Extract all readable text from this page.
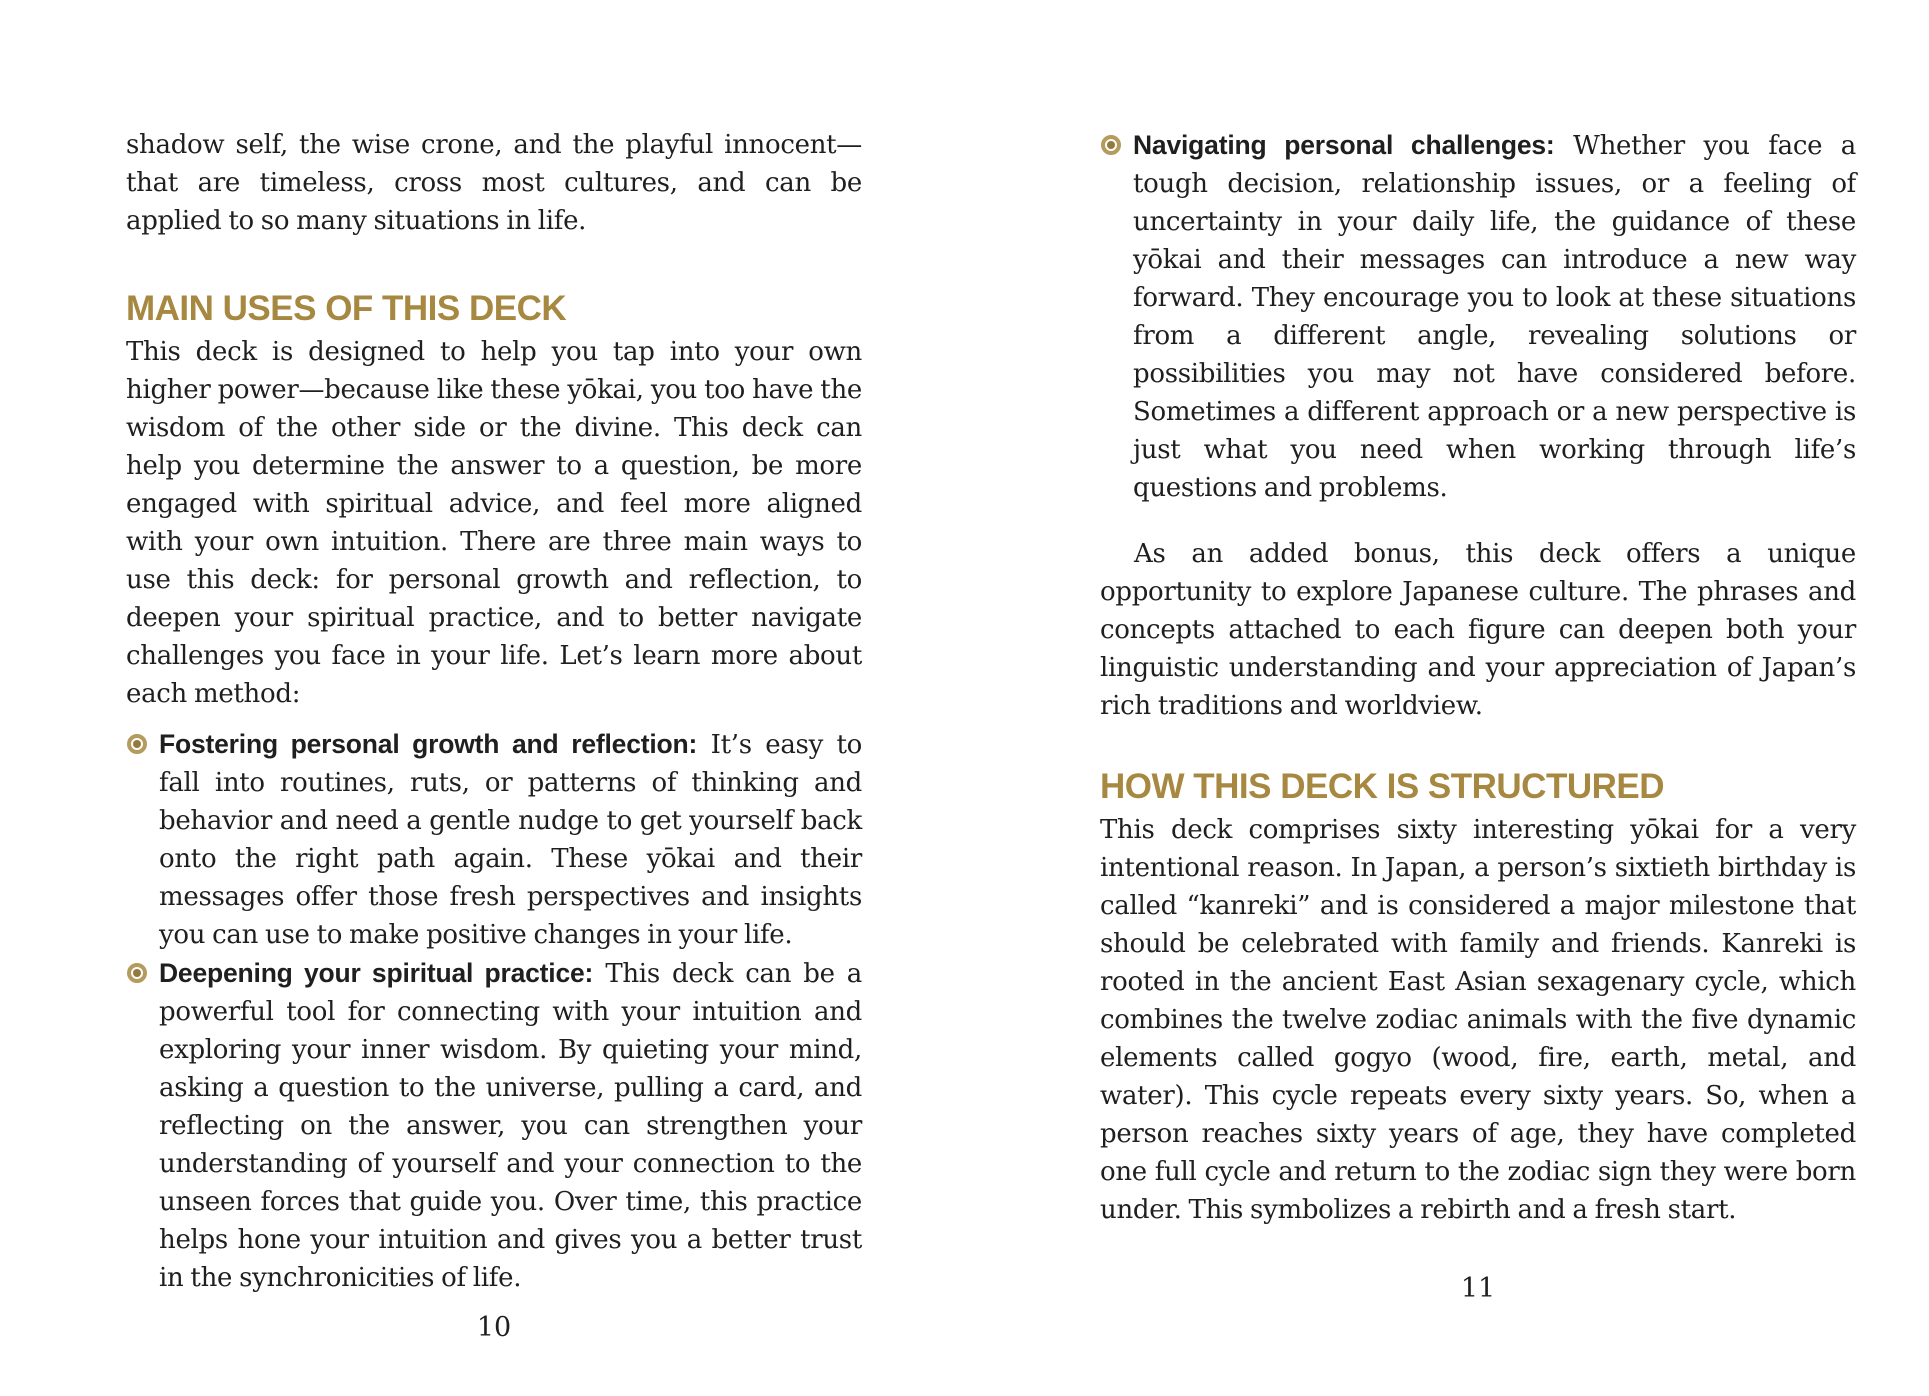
shadow self, the wise crone, and the playful innocent—that are timeless, cross most cultures, and can be applied to so many situations in life.

MAIN USES OF THIS DECK

This deck is designed to help you tap into your own higher power—because like these yōkai, you too have the wisdom of the other side or the divine. This deck can help you determine the answer to a question, be more engaged with spiritual advice, and feel more aligned with your own intuition. There are three main ways to use this deck: for personal growth and reflection, to deepen your spiritual practice, and to better navigate challenges you face in your life. Let’s learn more about each method:

Fostering personal growth and reflection: It’s easy to fall into routines, ruts, or patterns of thinking and behavior and need a gentle nudge to get yourself back onto the right path again. These yōkai and their messages offer those fresh perspectives and insights you can use to make positive changes in your life.
Deepening your spiritual practice: This deck can be a powerful tool for connecting with your intuition and exploring your inner wisdom. By quieting your mind, asking a question to the universe, pulling a card, and reflecting on the answer, you can strengthen your understanding of yourself and your connection to the unseen forces that guide you. Over time, this practice helps hone your intuition and gives you a better trust in the synchronicities of life.
10
Navigating personal challenges: Whether you face a tough decision, relationship issues, or a feeling of uncertainty in your daily life, the guidance of these yōkai and their messages can introduce a new way forward. They encourage you to look at these situations from a different angle, revealing solutions or possibilities you may not have considered before. Sometimes a different approach or a new perspective is just what you need when working through life’s questions and problems.

As an added bonus, this deck offers a unique opportunity to explore Japanese culture. The phrases and concepts attached to each figure can deepen both your linguistic understanding and your appreciation of Japan’s rich traditions and worldview.

HOW THIS DECK IS STRUCTURED

This deck comprises sixty interesting yōkai for a very intentional reason. In Japan, a person’s sixtieth birthday is called “kanreki” and is considered a major milestone that should be celebrated with family and friends. Kanreki is rooted in the ancient East Asian sexagenary cycle, which combines the twelve zodiac animals with the five dynamic elements called gogyo (wood, fire, earth, metal, and water). This cycle repeats every sixty years. So, when a person reaches sixty years of age, they have completed one full cycle and return to the zodiac sign they were born under. This symbolizes a rebirth and a fresh start.

11
